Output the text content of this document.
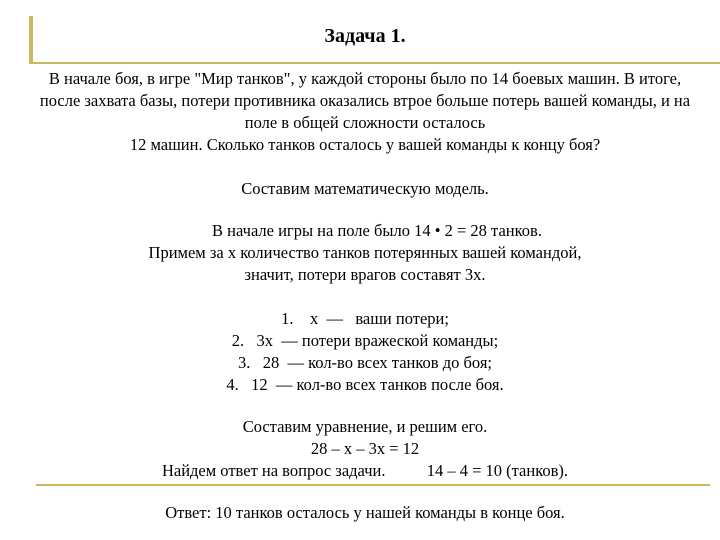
Задача 1.
В начале боя, в игре "Мир танков", у каждой стороны было по 14 боевых машин. В итоге,
после захвата базы, потери противника оказались втрое больше потерь вашей команды, и на
поле в общей сложности осталось
12 машин. Сколько танков осталось у вашей команды к концу боя?
Составим математическую модель.
В начале игры на поле было 14 • 2 = 28 танков.
Примем за х количество танков потерянных вашей командой,
значит, потери врагов составят 3х.
1.    х  —   ваши потери;
2.   3х  — потери вражеской команды;
3.   28  — кол-во всех танков до боя;
4.   12  — кол-во всех танков после боя.
Составим уравнение, и решим его.
28 – х – 3х = 12
Найдем ответ на вопрос задачи.          14 – 4 = 10 (танков).
Ответ: 10 танков осталось у нашей команды в конце боя.
